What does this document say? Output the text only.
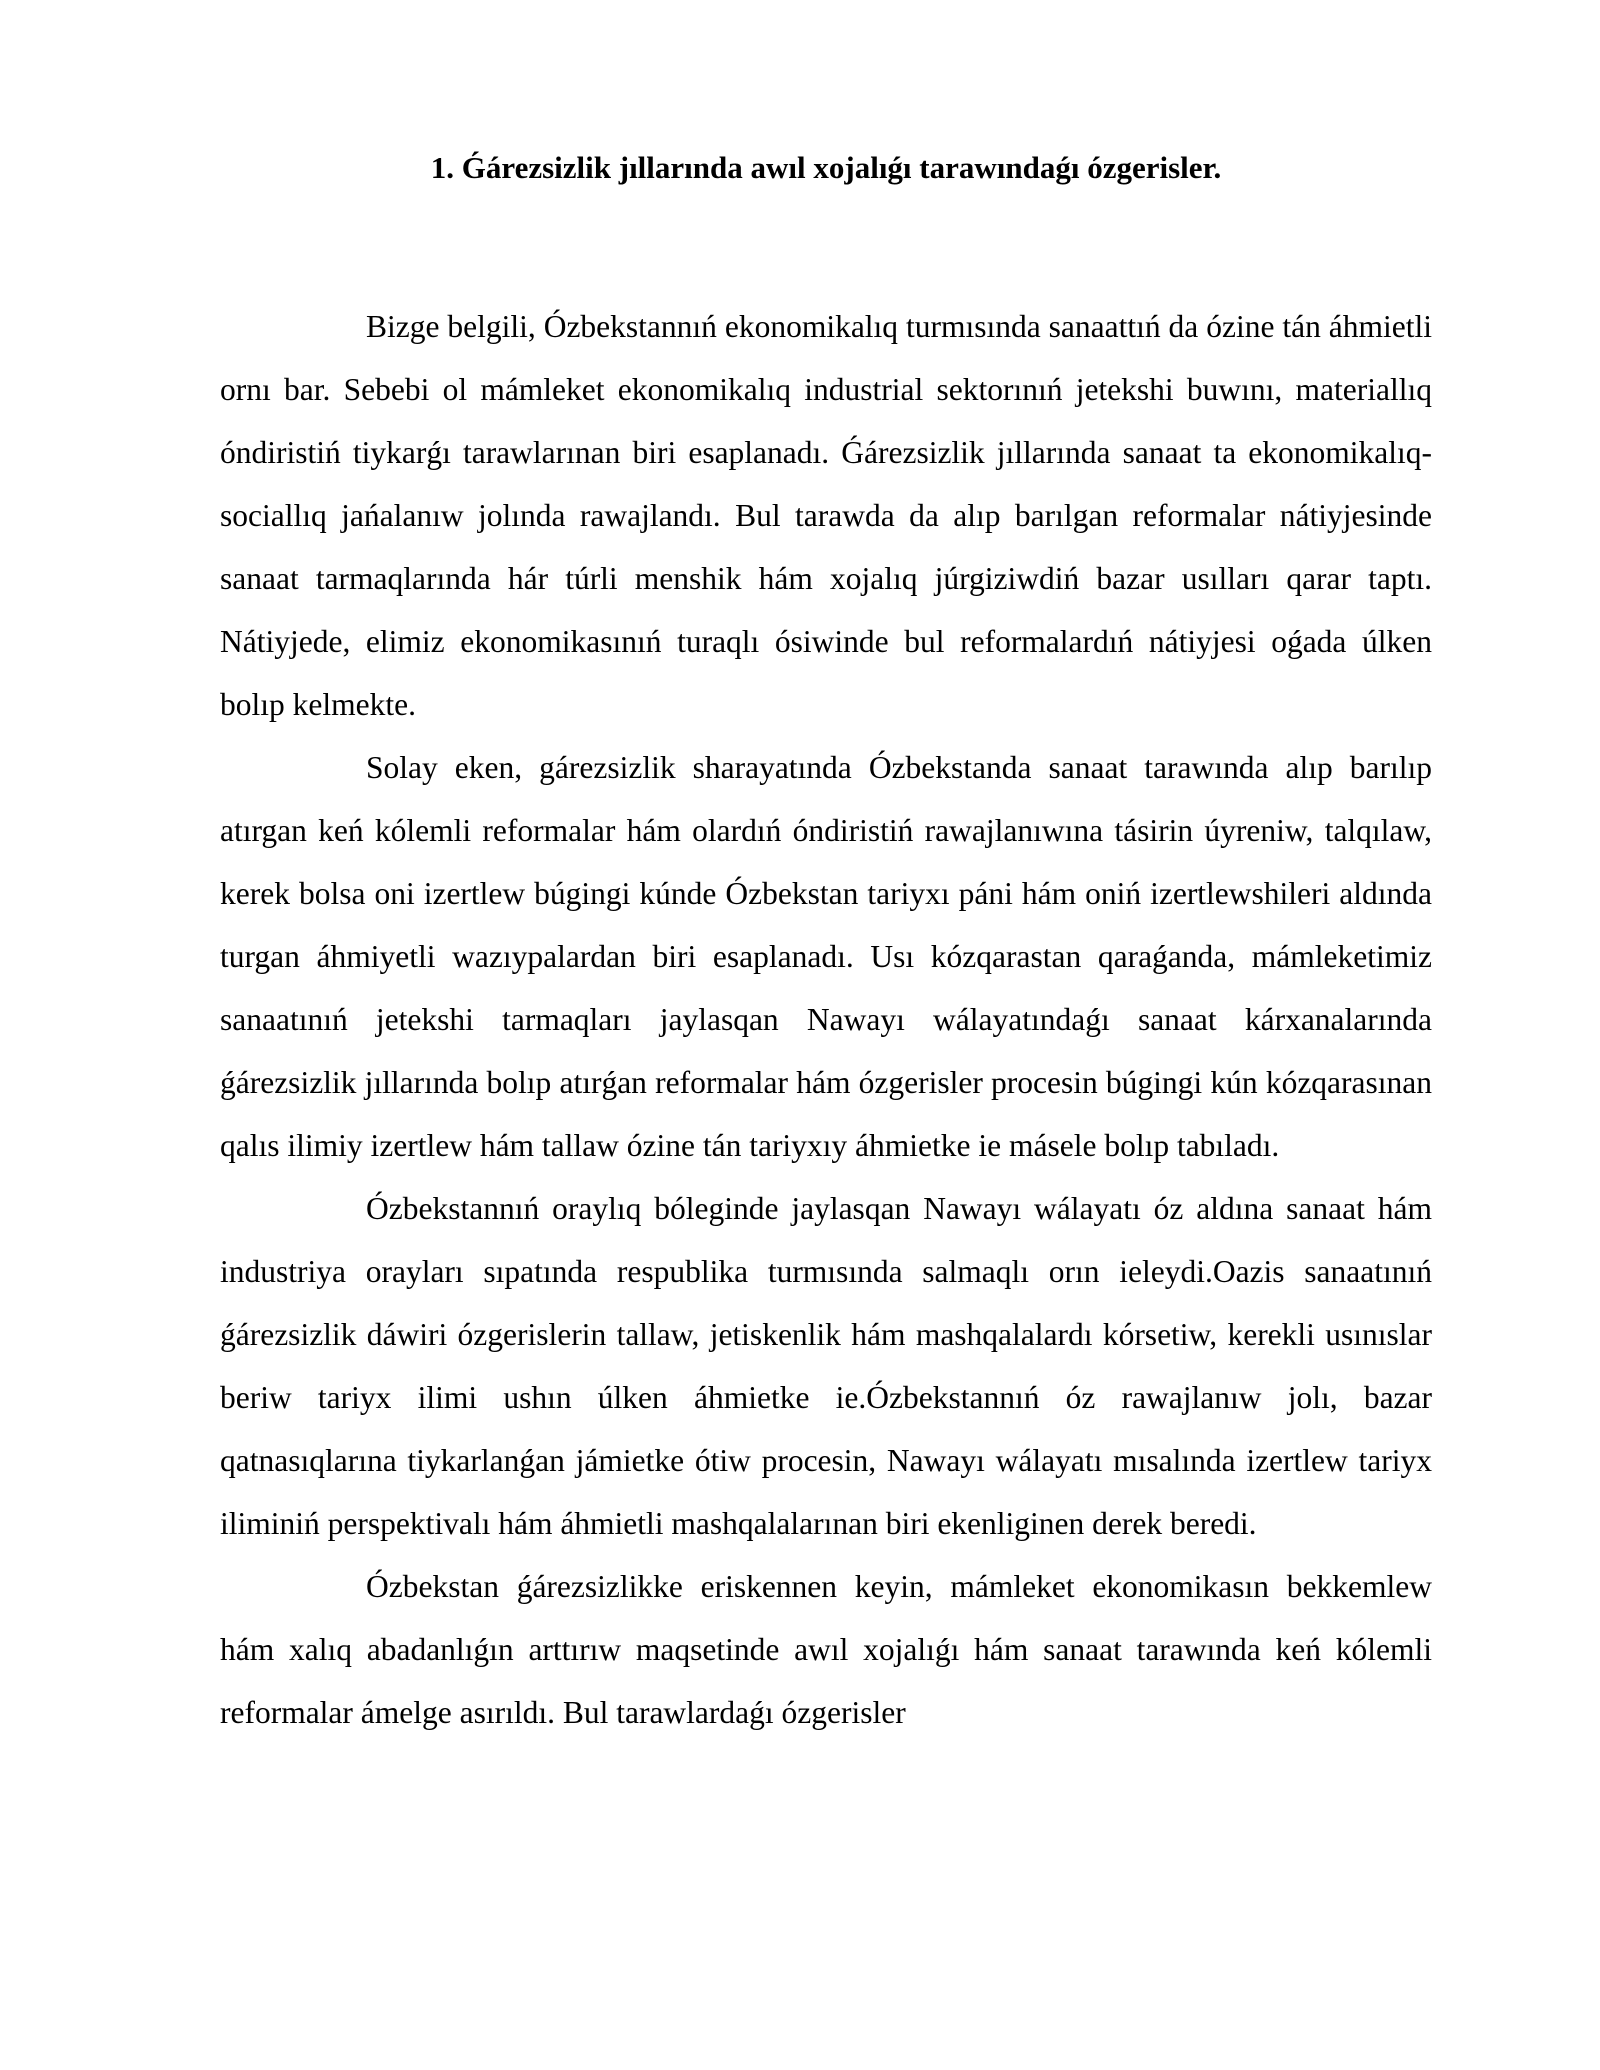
1. Ǵárezsizlik jıllarında awıl xojalıǵı tarawındaǵı ózgerisler.

Bizge belgili, Ózbekstannıń ekonomikalıq turmısında sanaattıń da ózine tán áhmietli ornı bar. Sebebi ol mámleket ekonomikalıq industrial sektorınıń jetekshi buwını, materiallıq óndiristiń tiykarǵı tarawlarınan biri esaplanadı. Ǵárezsizlik jıllarında sanaat ta ekonomikalıq-sociallıq jańalanıw jolında rawajlandı. Bul tarawda da alıp barılgan reformalar nátiyjesinde sanaat tarmaqlarında hár túrli menshik hám xojalıq júrgiziwdiń bazar usılları qarar taptı. Nátiyjede, elimiz ekonomikasınıń turaqlı ósiwinde bul reformalardıń nátiyjesi oǵada úlken bolıp kelmekte.

Solay eken, gárezsizlik sharayatında Ózbekstanda sanaat tarawında alıp barılıp atırgan keń kólemli reformalar hám olardıń óndiristiń rawajlanıwına tásirin úyreniw, talqılaw, kerek bolsa oni izertlew búgingi kúnde Ózbekstan tariyxı páni hám oniń izertlewshileri aldında turgan áhmiyetli wazıypalardan biri esaplanadı. Usı kózqarastan qaraǵanda, mámleketimiz sanaatınıń jetekshi tarmaqları jaylasqan Nawayı wálayatındaǵı sanaat kárxanalarında ǵárezsizlik jıllarında bolıp atırǵan reformalar hám ózgerisler procesin búgingi kún kózqarasınan qalıs ilimiy izertlew hám tallaw ózine tán tariyxıy áhmietke ie másele bolıp tabıladı.

Ózbekstannıń oraylıq bóleginde jaylasqan Nawayı wálayatı óz aldına sanaat hám industriya orayları sıpatında respublika turmısında salmaqlı orın ieleydi.Oazis sanaatınıń ǵárezsizlik dáwiri ózgerislerin tallaw, jetiskenlik hám mashqalalardı kórsetiw, kerekli usınıslar beriw tariyx ilimi ushın úlken áhmietke ie.Ózbekstannıń óz rawajlanıw jolı, bazar qatnasıqlarına tiykarlanǵan jámietke ótiw procesin, Nawayı wálayatı mısalında izertlew tariyx iliminiń perspektivalı hám áhmietli mashqalalarınan biri ekenliginen derek beredi.

Ózbekstan ǵárezsizlikke eriskennen keyin, mámleket ekonomikasın bekkemlew hám xalıq abadanlıǵın arttırıw maqsetinde awıl xojalıǵı hám sanaat tarawında keń kólemli reformalar ámelge asırıldı. Bul tarawlardaǵı ózgerisler
